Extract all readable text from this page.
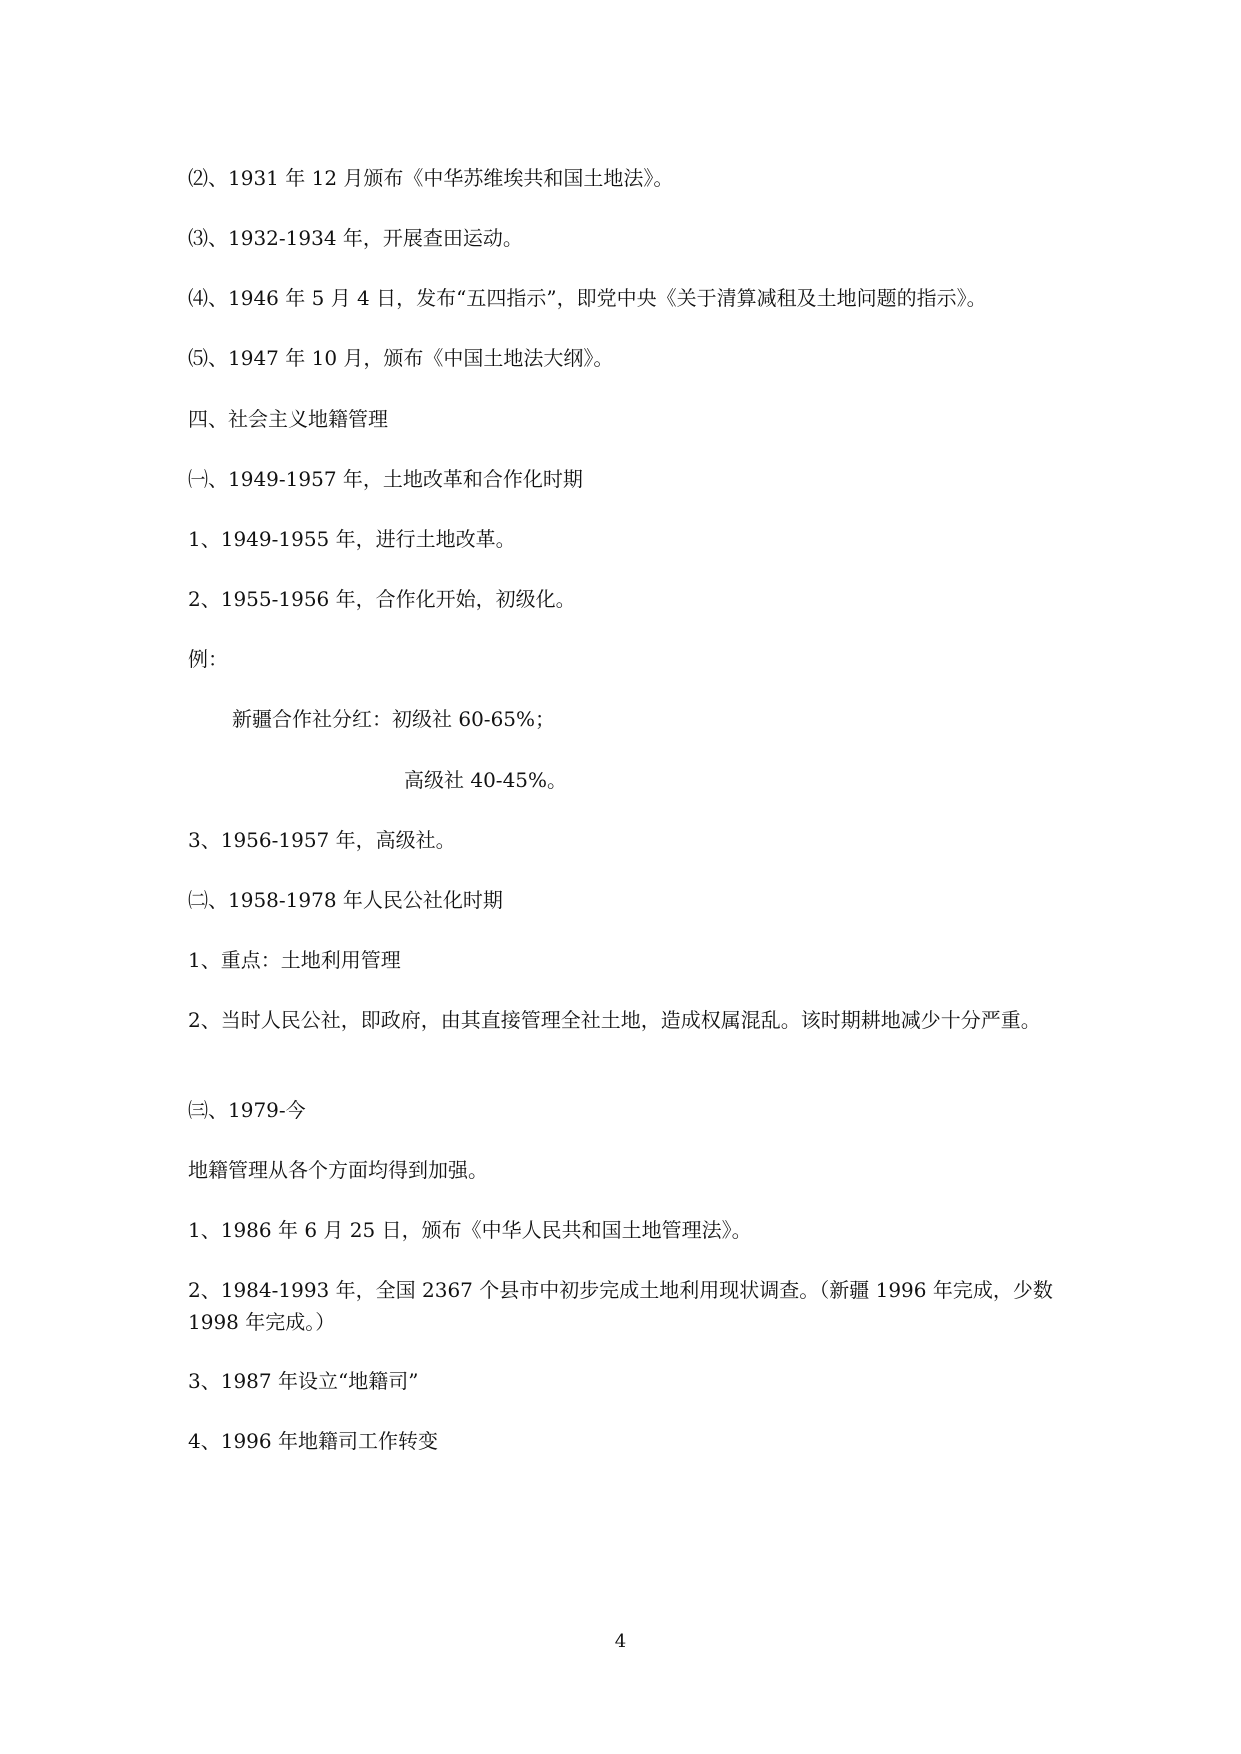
⑵、1931 年 12 月颁布《中华苏维埃共和国土地法》。
⑶、1932-1934 年，开展查田运动。
⑷、1946 年 5 月 4 日，发布“五四指示”，即党中央《关于清算减租及土地问题的指示》。
⑸、1947 年 10 月，颁布《中国土地法大纲》。
四、社会主义地籍管理
㈠、1949-1957 年，土地改革和合作化时期
1、1949-1955 年，进行土地改革。
2、1955-1956 年，合作化开始，初级化。
例：
新疆合作社分红：初级社 60-65%；
高级社 40-45%。
3、1956-1957 年，高级社。
㈡、1958-1978 年人民公社化时期
1、重点：土地利用管理
2、当时人民公社，即政府，由其直接管理全社土地，造成权属混乱。该时期耕地减少十分严重。
㈢、1979-今
地籍管理从各个方面均得到加强。
1、1986 年 6 月 25 日，颁布《中华人民共和国土地管理法》。
2、1984-1993 年，全国 2367 个县市中初步完成土地利用现状调查。（新疆 1996 年完成，少数 1998 年完成。）
3、1987 年设立“地籍司”
4、1996 年地籍司工作转变
4
